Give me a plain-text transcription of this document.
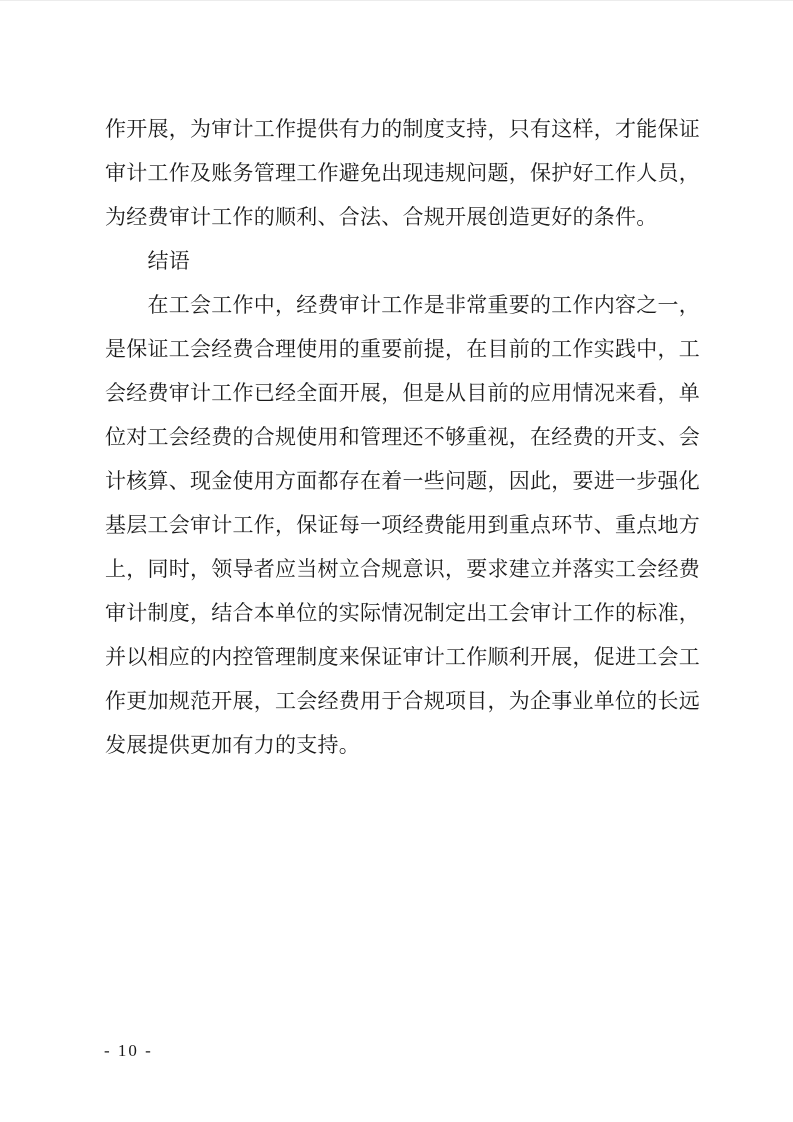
作开展，为审计工作提供有力的制度支持，只有这样，才能保证
审计工作及账务管理工作避免出现违规问题，保护好工作人员，
为经费审计工作的顺利、合法、合规开展创造更好的条件。
结语
在工会工作中，经费审计工作是非常重要的工作内容之一，
是保证工会经费合理使用的重要前提，在目前的工作实践中，工
会经费审计工作已经全面开展，但是从目前的应用情况来看，单
位对工会经费的合规使用和管理还不够重视，在经费的开支、会
计核算、现金使用方面都存在着一些问题，因此，要进一步强化
基层工会审计工作，保证每一项经费能用到重点环节、重点地方
上，同时，领导者应当树立合规意识，要求建立并落实工会经费
审计制度，结合本单位的实际情况制定出工会审计工作的标准，
并以相应的内控管理制度来保证审计工作顺利开展，促进工会工
作更加规范开展，工会经费用于合规项目，为企事业单位的长远
发展提供更加有力的支持。
- 10 -
